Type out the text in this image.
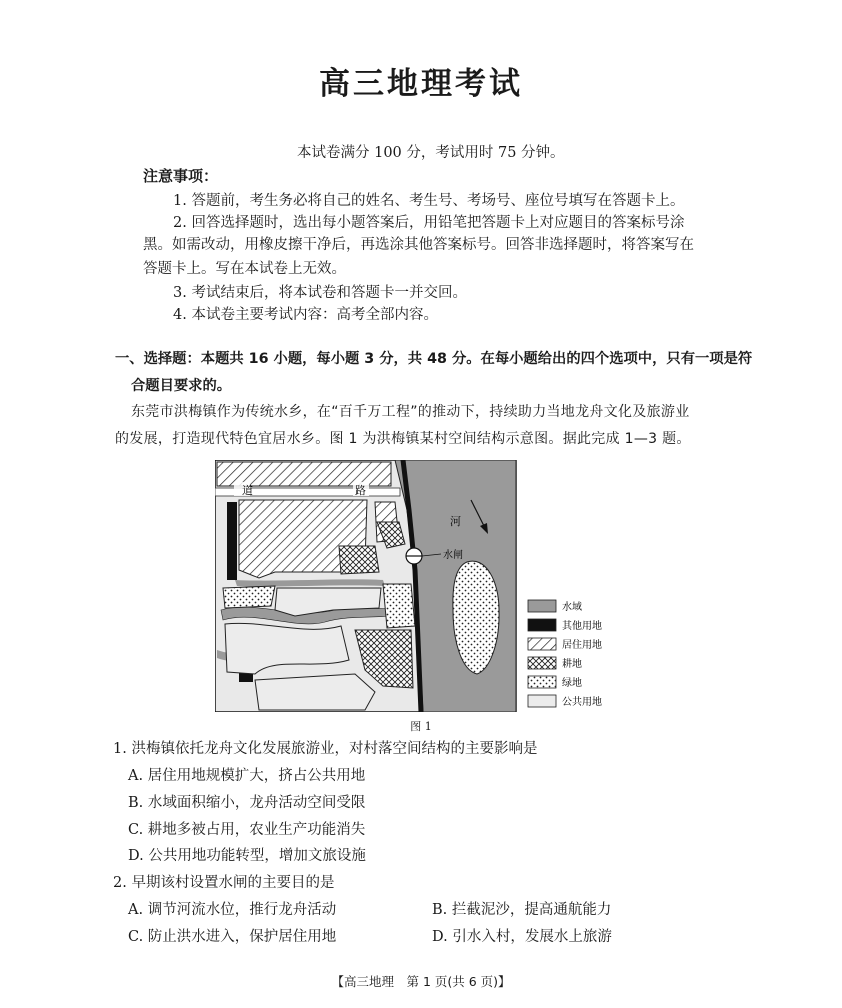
高三地理考试
本试卷满分 100 分，考试用时 75 分钟。
注意事项：
1. 答题前，考生务必将自己的姓名、考生号、考场号、座位号填写在答题卡上。
2. 回答选择题时，选出每小题答案后，用铅笔把答题卡上对应题目的答案标号涂
黑。如需改动，用橡皮擦干净后，再选涂其他答案标号。回答非选择题时，将答案写在
答题卡上。写在本试卷上无效。
3. 考试结束后，将本试卷和答题卡一并交回。
4. 本试卷主要考试内容：高考全部内容。
一、选择题：本题共 16 小题，每小题 3 分，共 48 分。在每小题给出的四个选项中，只有一项是符
合题目要求的。
东莞市洪梅镇作为传统水乡，在“百千万工程”的推动下，持续助力当地龙舟文化及旅游业
的发展，打造现代特色宜居水乡。图 1 为洪梅镇某村空间结构示意图。据此完成 1—3 题。
道	路
河
水闸
水域
其他用地
居住用地
耕地
绿地
公共用地
图 1
1. 洪梅镇依托龙舟文化发展旅游业，对村落空间结构的主要影响是
A. 居住用地规模扩大，挤占公共用地
B. 水域面积缩小，龙舟活动空间受限
C. 耕地多被占用，农业生产功能消失
D. 公共用地功能转型，增加文旅设施
2. 早期该村设置水闸的主要目的是
A. 调节河流水位，推行龙舟活动	B. 拦截泥沙，提高通航能力
C. 防止洪水进入，保护居住用地	D. 引水入村，发展水上旅游
【高三地理　第 1 页(共 6 页)】
